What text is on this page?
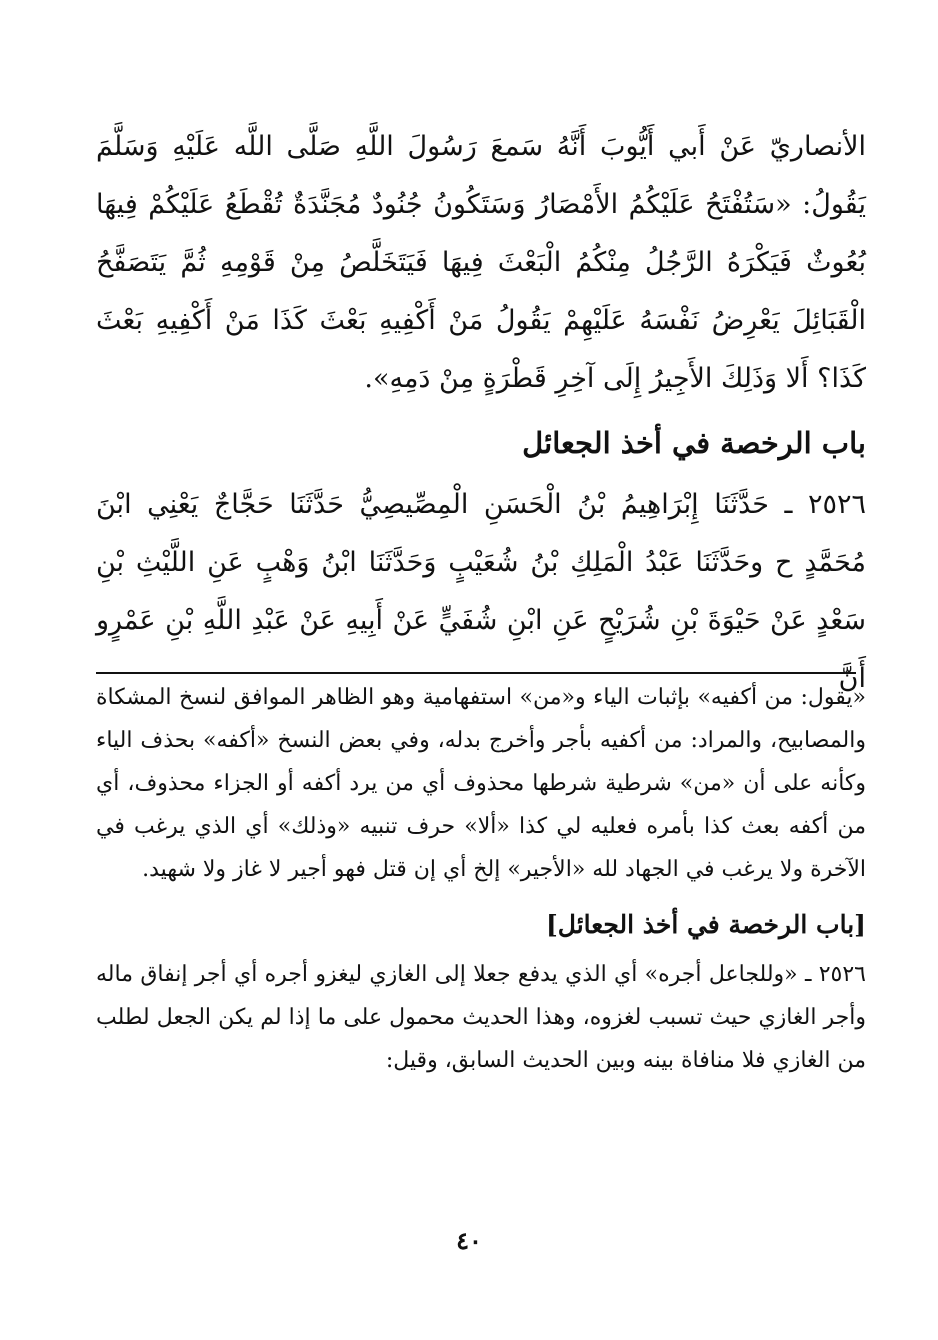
الأنصاريّ عَنْ أَبي أَيُّوبَ أَنَّهُ سَمعَ رَسُولَ اللَّهِ صَلَّى اللَّه عَلَيْهِ وَسَلَّمَ يَقُولُ: «سَتُفْتَحُ عَلَيْكُمُ الأَمْصَارُ وَسَتَكُونُ جُنُودٌ مُجَنَّدَةٌ تُقْطَعُ عَلَيْكُمْ فِيهَا بُعُوثٌ فَيَكْرَهُ الرَّجُلُ مِنْكُمُ الْبَعْثَ فِيهَا فَيَتَخَلَّصُ مِنْ قَوْمِهِ ثُمَّ يَتَصَفَّحُ الْقَبَائِلَ يَعْرِضُ نَفْسَهُ عَلَيْهِمْ يَقُولُ مَنْ أَكْفِيهِ بَعْثَ كَذَا مَنْ أَكْفِيهِ بَعْثَ كَذَا؟ أَلا وَذَلِكَ الأَجِيرُ إِلَى آخِرِ قَطْرَةٍ مِنْ دَمِهِ».

باب الرخصة في أخذ الجعائل

٢٥٢٦ ـ حَدَّثَنَا إِبْرَاهِيمُ بْنُ الْحَسَنِ الْمِصِّيصِيُّ حَدَّثَنَا حَجَّاجٌ يَعْنِي ابْنَ مُحَمَّدٍ ح وحَدَّثَنَا عَبْدُ الْمَلِكِ بْنُ شُعَيْبٍ وَحَدَّثَنَا ابْنُ وَهْبٍ عَنِ اللَّيْثِ بْنِ سَعْدٍ عَنْ حَيْوَةَ بْنِ شُرَيْحٍ عَنِ ابْنِ شُفَيٍّ عَنْ أَبِيهِ عَنْ عَبْدِ اللَّهِ بْنِ عَمْرٍو أَنَّ

«يقول: من أكفيه» بإثبات الياء و«من» استفهامية وهو الظاهر الموافق لنسخ المشكاة والمصابيح، والمراد: من أكفيه بأجر وأخرج بدله، وفي بعض النسخ «أكفه» بحذف الياء وكأنه على أن «من» شرطية شرطها محذوف أي من يرد أكفه أو الجزاء محذوف، أي من أكفه بعث كذا بأمره فعليه لي كذا «ألا» حرف تنبيه «وذلك» أي الذي يرغب في الآخرة ولا يرغب في الجهاد لله «الأجير» إلخ أي إن قتل فهو أجير لا غاز ولا شهيد.

[باب الرخصة في أخذ الجعائل]

٢٥٢٦ ـ «وللجاعل أجره» أي الذي يدفع جعلا إلى الغازي ليغزو أجره أي أجر إنفاق ماله وأجر الغازي حيث تسبب لغزوه، وهذا الحديث محمول على ما إذا لم يكن الجعل لطلب من الغازي فلا منافاة بينه وبين الحديث السابق، وقيل:

٤٠
